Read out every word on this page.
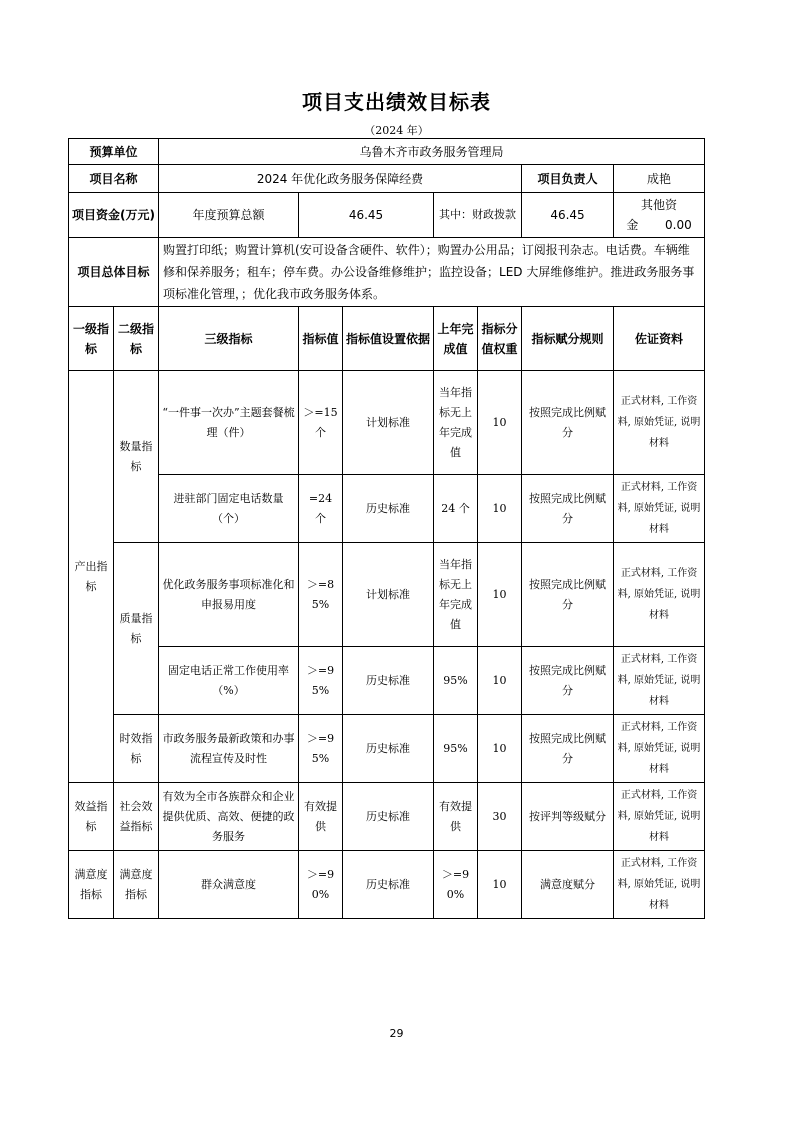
项目支出绩效目标表
（2024 年）
预算单位		乌鲁木齐市政务服务管理局						
项目名称		2024 年优化政务服务保障经费					项目负责人	成艳
项目资金(万元)		年度预算总额	46.45		其中：财政拨款		46.45	其他资金 0.00
项目总体目标		购置打印纸；购置计算机(安可设备含硬件、软件）；购置办公用品；订阅报刊杂志。电话费。车辆维修和保养服务；租车；停车费。办公设备维修维护；监控设备；LED 大屏维修维护。推进政务服务事项标准化管理，；优化我市政务服务体系。						
一级指标	二级指标	三级指标	指标值	指标值设置依据	上年完成值	指标分值权重	指标赋分规则	佐证资料
产出指标	数量指标	“一件事一次办”主题套餐梳理（件）	＞=15 个	计划标准	当年指标无上年完成值	10	按照完成比例赋分	正式材料, 工作资料, 原始凭证, 说明材料
		进驻部门固定电话数量（个）	=24 个	历史标准	24 个	10	按照完成比例赋分	正式材料, 工作资料, 原始凭证, 说明材料
	质量指标	优化政务服务事项标准化和申报易用度	＞=85%	计划标准	当年指标无上年完成值	10	按照完成比例赋分	正式材料, 工作资料, 原始凭证, 说明材料
		固定电话正常工作使用率（%）	＞=95%	历史标准	95%	10	按照完成比例赋分	正式材料, 工作资料, 原始凭证, 说明材料
	时效指标	市政务服务最新政策和办事流程宣传及时性	＞=95%	历史标准	95%	10	按照完成比例赋分	正式材料, 工作资料, 原始凭证, 说明材料
效益指标	社会效益指标	有效为全市各族群众和企业提供优质、高效、便捷的政务服务	有效提供	历史标准	有效提供	30	按评判等级赋分	正式材料, 工作资料, 原始凭证, 说明材料
满意度指标	满意度指标	群众满意度	＞=90%	历史标准	＞=90%	10	满意度赋分	正式材料, 工作资料, 原始凭证, 说明材料
29
